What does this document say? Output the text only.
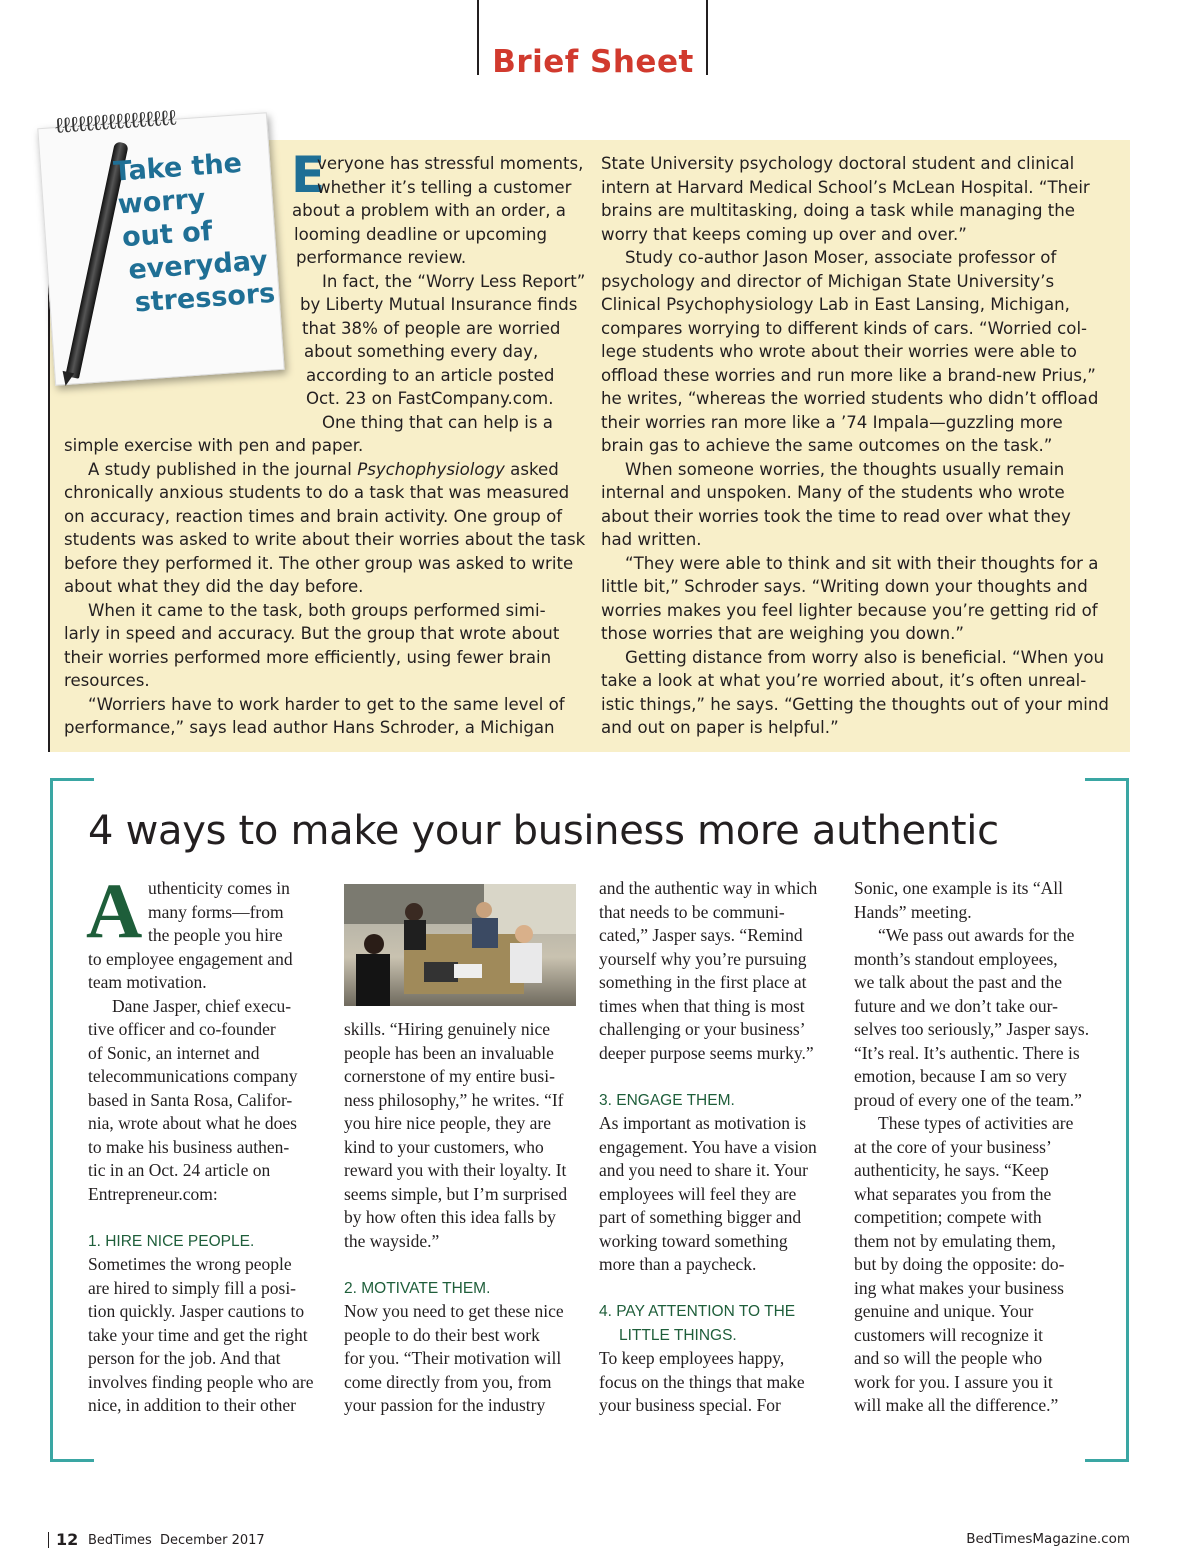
Brief Sheet
ℓℓℓℓℓℓℓℓℓℓℓℓℓℓℓℓ
Take the
worry
out of
everyday
stressors
E
veryone has stressful moments,
whether it’s telling a customer
about a problem with an order, a
looming deadline or upcoming
performance review.
In fact, the “Worry Less Report”
by Liberty Mutual Insurance finds
that 38% of people are worried
about something every day,
according to an article posted
Oct. 23 on FastCompany.com.
One thing that can help is a
simple exercise with pen and paper.
A study published in the journal Psychophysiology asked
chronically anxious students to do a task that was measured
on accuracy, reaction times and brain activity. One group of
students was asked to write about their worries about the task
before they performed it. The other group was asked to write
about what they did the day before.
When it came to the task, both groups performed simi-
larly in speed and accuracy. But the group that wrote about
their worries performed more efficiently, using fewer brain
resources.
“Worriers have to work harder to get to the same level of
performance,” says lead author Hans Schroder, a Michigan
State University psychology doctoral student and clinical
intern at Harvard Medical School’s McLean Hospital. “Their
brains are multitasking, doing a task while managing the
worry that keeps coming up over and over.”
Study co-author Jason Moser, associate professor of
psychology and director of Michigan State University’s
Clinical Psychophysiology Lab in East Lansing, Michigan,
compares worrying to different kinds of cars. “Worried col-
lege students who wrote about their worries were able to
offload these worries and run more like a brand-new Prius,”
he writes, “whereas the worried students who didn’t offload
their worries ran more like a ’74 Impala—guzzling more
brain gas to achieve the same outcomes on the task.”
When someone worries, the thoughts usually remain
internal and unspoken. Many of the students who wrote
about their worries took the time to read over what they
had written.
“They were able to think and sit with their thoughts for a
little bit,” Schroder says. “Writing down your thoughts and
worries makes you feel lighter because you’re getting rid of
those worries that are weighing you down.”
Getting distance from worry also is beneficial. “When you
take a look at what you’re worried about, it’s often unreal-
istic things,” he says. “Getting the thoughts out of your mind
and out on paper is helpful.”
4 ways to make your business more authentic
A uthenticity comes in
many forms—from
the people you hire
to employee engagement and
team motivation.
Dane Jasper, chief execu-
tive officer and co-founder
of Sonic, an internet and
telecommunications company
based in Santa Rosa, Califor-
nia, wrote about what he does
to make his business authen-
tic in an Oct. 24 article on
Entrepreneur.com:
1. HIRE NICE PEOPLE.
Sometimes the wrong people
are hired to simply fill a posi-
tion quickly. Jasper cautions to
take your time and get the right
person for the job. And that
involves finding people who are
nice, in addition to their other
skills. “Hiring genuinely nice
people has been an invaluable
cornerstone of my entire busi-
ness philosophy,” he writes. “If
you hire nice people, they are
kind to your customers, who
reward you with their loyalty. It
seems simple, but I’m surprised
by how often this idea falls by
the wayside.”
2. MOTIVATE THEM.
Now you need to get these nice
people to do their best work
for you. “Their motivation will
come directly from you, from
your passion for the industry
and the authentic way in which
that needs to be communi-
cated,” Jasper says. “Remind
yourself why you’re pursuing
something in the first place at
times when that thing is most
challenging or your business’
deeper purpose seems murky.”
3. ENGAGE THEM.
As important as motivation is
engagement. You have a vision
and you need to share it. Your
employees will feel they are
part of something bigger and
working toward something
more than a paycheck.
4. PAY ATTENTION TO THE
LITTLE THINGS.
To keep employees happy,
focus on the things that make
your business special. For
Sonic, one example is its “All
Hands” meeting.
“We pass out awards for the
month’s standout employees,
we talk about the past and the
future and we don’t take our-
selves too seriously,” Jasper says.
“It’s real. It’s authentic. There is
emotion, because I am so very
proud of every one of the team.”
These types of activities are
at the core of your business’
authenticity, he says. “Keep
what separates you from the
competition; compete with
them not by emulating them,
but by doing the opposite: do-
ing what makes your business
genuine and unique. Your
customers will recognize it
and so will the people who
work for you. I assure you it
will make all the difference.”
12 BedTimes December 2017	BedTimesMagazine.com
